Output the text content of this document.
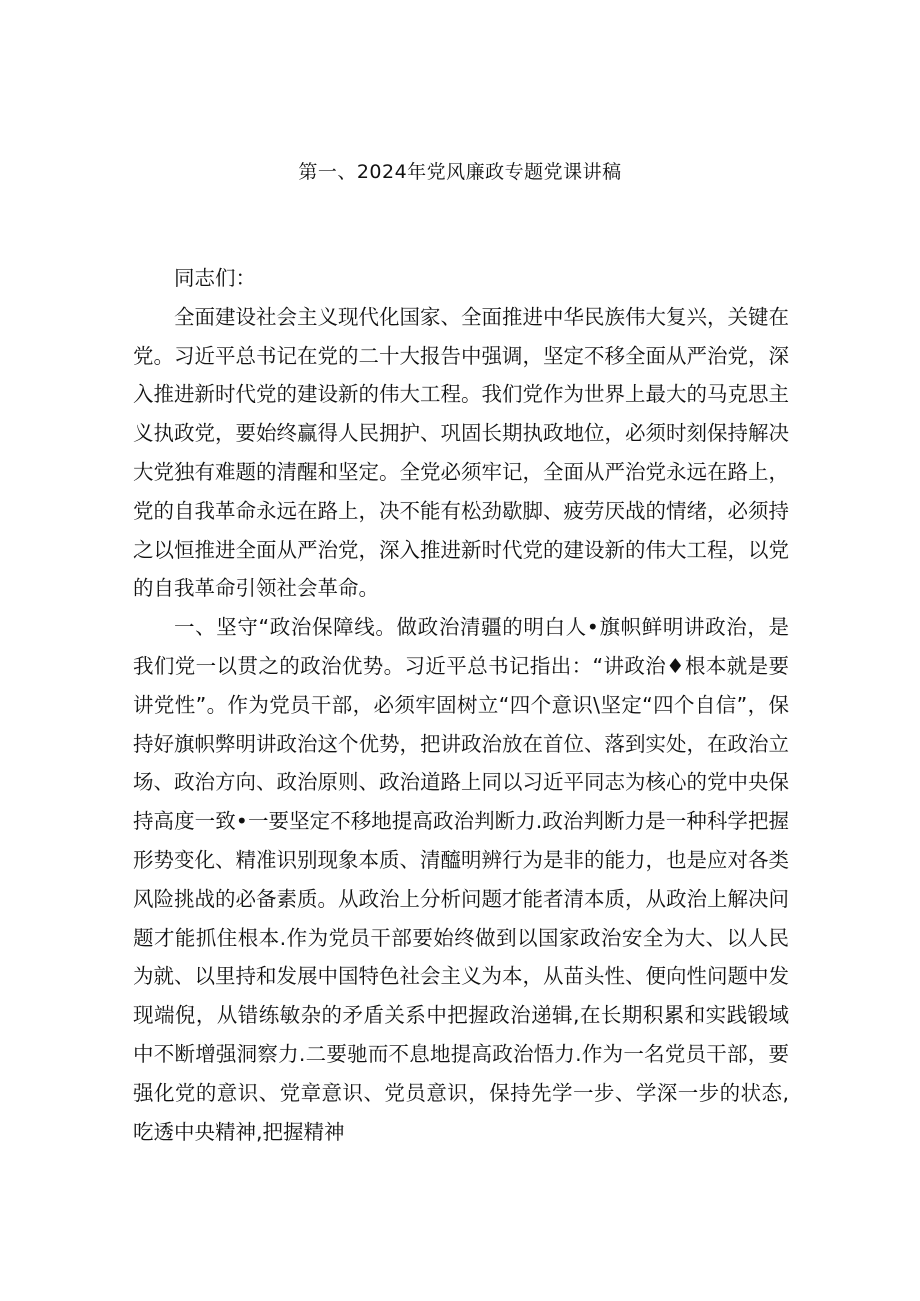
第一、2024年党风廉政专题党课讲稿

同志们：

全面建设社会主义现代化国家、全面推进中华民族伟大复兴，关键在党。习近平总书记在党的二十大报告中强调，坚定不移全面从严治党，深入推进新时代党的建设新的伟大工程。我们党作为世界上最大的马克思主义执政党，要始终赢得人民拥护、巩固长期执政地位，必须时刻保持解决大党独有难题的清醒和坚定。全党必须牢记，全面从严治党永远在路上，党的自我革命永远在路上，决不能有松劲歇脚、疲劳厌战的情绪，必须持之以恒推进全面从严治党，深入推进新时代党的建设新的伟大工程，以党的自我革命引领社会革命。

一、坚守“政治保障线。做政治清疆的明白人•旗帜鲜明讲政治，是我们党一以贯之的政治优势。习近平总书记指出：“讲政治♦根本就是要讲党性”。作为党员干部，必须牢固树立“四个意识\坚定“四个自信”，保持好旗帜弊明讲政治这个优势，把讲政治放在首位、落到实处，在政治立场、政治方向、政治原则、政治道路上同以习近平同志为核心的党中央保持高度一致•一要坚定不移地提高政治判断力.政治判断力是一种科学把握形势变化、精准识别现象本质、清醯明辨行为是非的能力，也是应对各类风险挑战的必备素质。从政治上分析问题才能者清本质，从政治上解决问题才能抓住根本.作为党员干部要始终做到以国家政治安全为大、以人民为就、以里持和发展中国特色社会主义为本，从苗头性、便向性问题中发现端倪，从错练敏杂的矛盾关系中把握政治递辑,在长期积累和实践锻域中不断增强洞察力.二要驰而不息地提高政治悟力.作为一名党员干部，要强化党的意识、党章意识、党员意识，保持先学一步、学深一步的状态,吃透中央精神,把握精神
